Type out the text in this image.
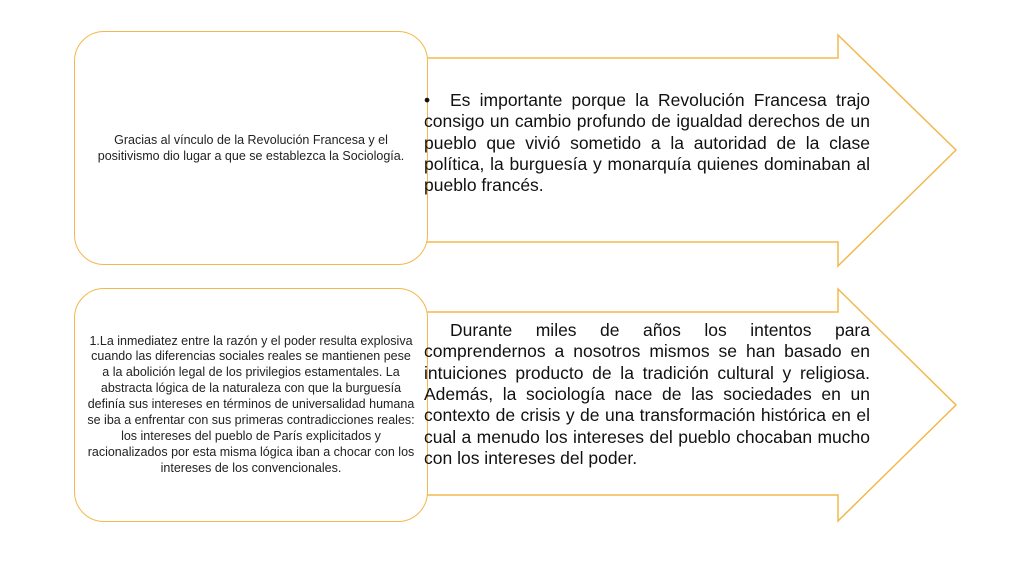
Gracias al vínculo de la Revolución Francesa y el positivismo dio lugar a que se establezca la Sociología.
• Es importante porque la Revolución Francesa trajo consigo un cambio profundo de igualdad derechos de un pueblo que vivió sometido a la autoridad de la clase política, la burguesía y monarquía quienes dominaban al pueblo francés.
1.La inmediatez entre la razón y el poder resulta explosiva cuando las diferencias sociales reales se mantienen pese a la abolición legal de los privilegios estamentales. La abstracta lógica de la naturaleza con que la burguesía definía sus intereses en términos de universalidad humana se iba a enfrentar con sus primeras contradicciones reales: los intereses del pueblo de París explicitados y racionalizados por esta misma lógica iban a chocar con los intereses de los convencionales.
Durante miles de años los intentos para comprendernos a nosotros mismos se han basado en intuiciones producto de la tradición cultural y religiosa. Además, la sociología nace de las sociedades en un contexto de crisis y de una transformación histórica en el cual a menudo los intereses del pueblo chocaban mucho con los intereses del poder.
